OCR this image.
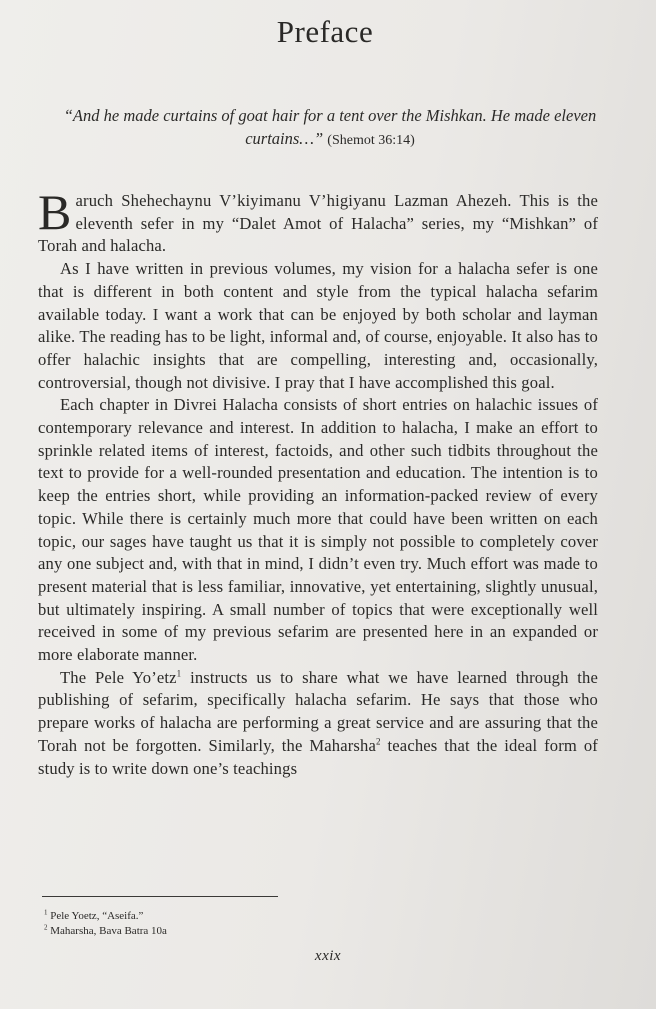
Preface
“And he made curtains of goat hair for a tent over the Mishkan. He made eleven curtains…” (Shemot 36:14)

Baruch Shehechaynu V’kiyimanu V’higiyanu Lazman Ahezeh. This is the eleventh sefer in my “Dalet Amot of Halacha” series, my “Mishkan” of Torah and halacha.

As I have written in previous volumes, my vision for a halacha sefer is one that is different in both content and style from the typical halacha sefarim available today. I want a work that can be enjoyed by both scholar and layman alike. The reading has to be light, informal and, of course, enjoyable. It also has to offer halachic insights that are compelling, interesting and, occasionally, controversial, though not divisive. I pray that I have accomplished this goal.

Each chapter in Divrei Halacha consists of short entries on halachic issues of contemporary relevance and interest. In addition to halacha, I make an effort to sprinkle related items of interest, factoids, and other such tidbits throughout the text to provide for a well-rounded presentation and education. The intention is to keep the entries short, while providing an information-packed review of every topic. While there is certainly much more that could have been written on each topic, our sages have taught us that it is simply not possible to completely cover any one subject and, with that in mind, I didn’t even try. Much effort was made to present material that is less familiar, innovative, yet entertaining, slightly unusual, but ultimately inspiring. A small number of topics that were exceptionally well received in some of my previous sefarim are presented here in an expanded or more elaborate manner.

The Pele Yo’etz$^1$ instructs us to share what we have learned through the publishing of sefarim, specifically halacha sefarim. He says that those who prepare works of halacha are performing a great service and are assuring that the Torah not be forgotten. Similarly, the Maharsha$^2$ teaches that the ideal form of study is to write down one’s teachings

$^1$ Pele Yoetz, “Aseifa.”
$^2$ Maharsha, Bava Batra 10a
xxix
